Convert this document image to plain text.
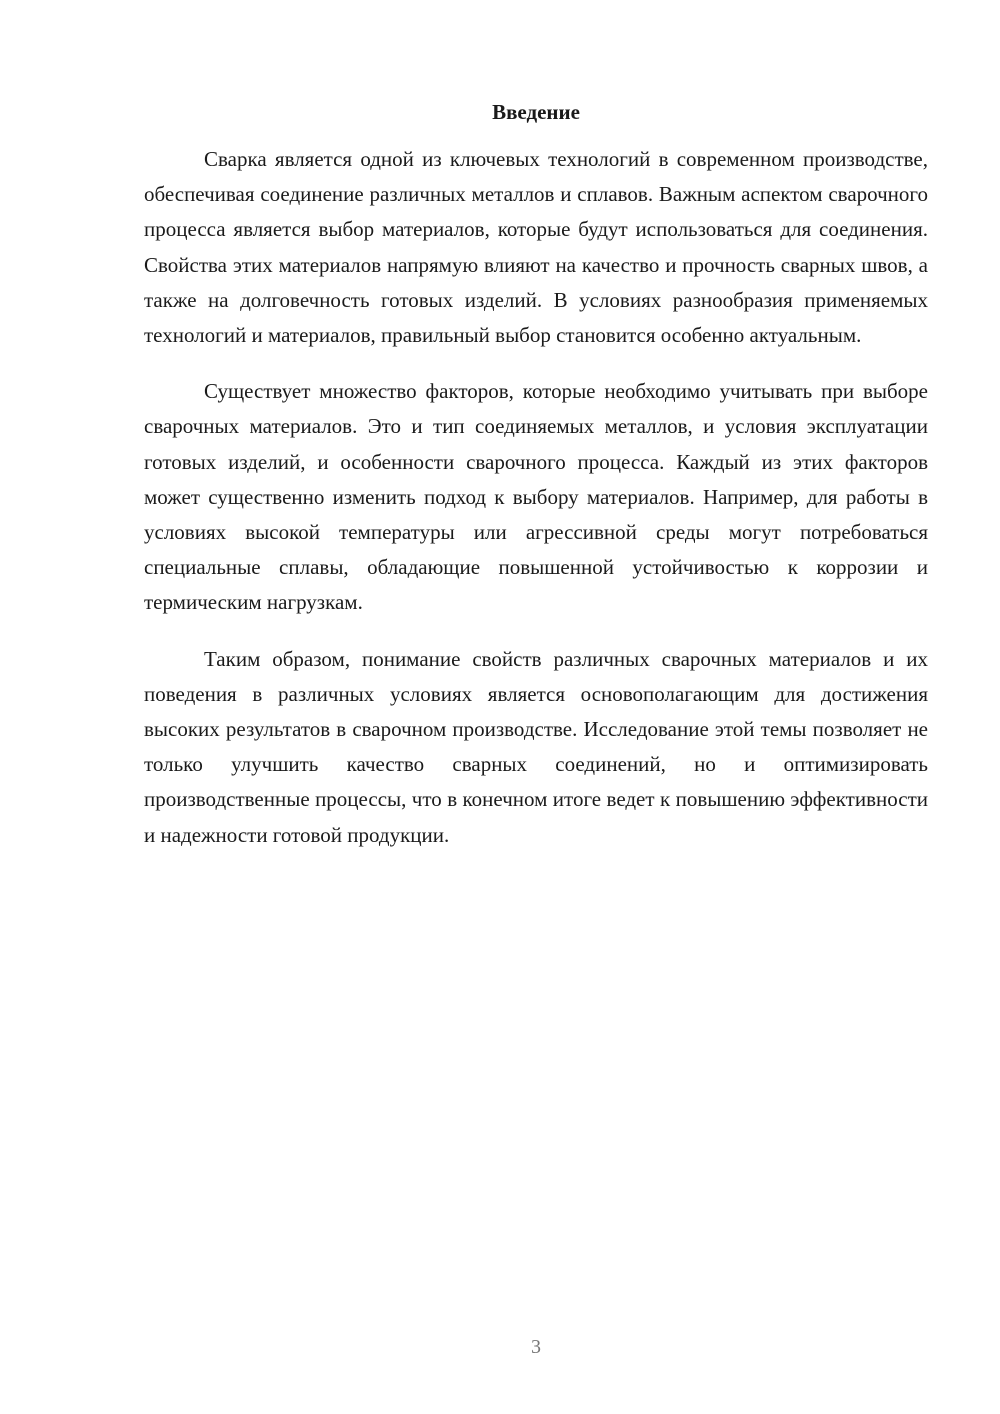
Введение

Сварка является одной из ключевых технологий в современном производстве, обеспечивая соединение различных металлов и сплавов. Важным аспектом сварочного процесса является выбор материалов, которые будут использоваться для соединения. Свойства этих материалов напрямую влияют на качество и прочность сварных швов, а также на долговечность готовых изделий. В условиях разнообразия применяемых технологий и материалов, правильный выбор становится особенно актуальным.

Существует множество факторов, которые необходимо учитывать при выборе сварочных материалов. Это и тип соединяемых металлов, и условия эксплуатации готовых изделий, и особенности сварочного процесса. Каждый из этих факторов может существенно изменить подход к выбору материалов. Например, для работы в условиях высокой температуры или агрессивной среды могут потребоваться специальные сплавы, обладающие повышенной устойчивостью к коррозии и термическим нагрузкам.

Таким образом, понимание свойств различных сварочных материалов и их поведения в различных условиях является основополагающим для достижения высоких результатов в сварочном производстве. Исследование этой темы позволяет не только улучшить качество сварных соединений, но и оптимизировать производственные процессы, что в конечном итоге ведет к повышению эффективности и надежности готовой продукции.

3
